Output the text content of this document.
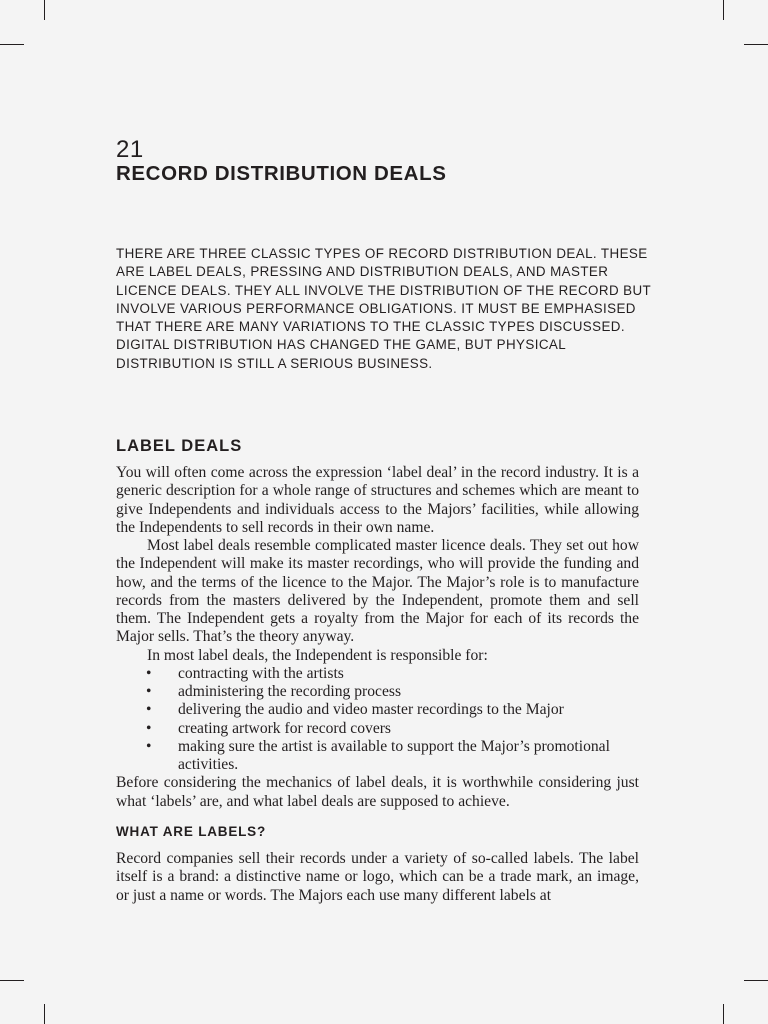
21
RECORD DISTRIBUTION DEALS

THERE ARE THREE CLASSIC TYPES OF RECORD DISTRIBUTION DEAL. THESE ARE LABEL DEALS, PRESSING AND DISTRIBUTION DEALS, AND MASTER LICENCE DEALS. THEY ALL INVOLVE THE DISTRIBUTION OF THE RECORD BUT INVOLVE VARIOUS PERFORMANCE OBLIGATIONS. IT MUST BE EMPHASISED THAT THERE ARE MANY VARIATIONS TO THE CLASSIC TYPES DISCUSSED. DIGITAL DISTRIBUTION HAS CHANGED THE GAME, BUT PHYSICAL DISTRIBUTION IS STILL A SERIOUS BUSINESS.

LABEL DEALS

You will often come across the expression ‘label deal’ in the record industry. It is a generic description for a whole range of structures and schemes which are meant to give Independents and individuals access to the Majors’ facilities, while allowing the Independents to sell records in their own name.

Most label deals resemble complicated master licence deals. They set out how the Independent will make its master recordings, who will provide the funding and how, and the terms of the licence to the Major. The Major’s role is to manufacture records from the masters delivered by the Independent, promote them and sell them. The Independent gets a royalty from the Major for each of its records the Major sells. That’s the theory anyway.

In most label deals, the Independent is responsible for:

• contracting with the artists
• administering the recording process
• delivering the audio and video master recordings to the Major
• creating artwork for record covers
• making sure the artist is available to support the Major’s promotional activities.

Before considering the mechanics of label deals, it is worthwhile considering just what ‘labels’ are, and what label deals are supposed to achieve.

WHAT ARE LABELS?

Record companies sell their records under a variety of so-called labels. The label itself is a brand: a distinctive name or logo, which can be a trade mark, an image, or just a name or words. The Majors each use many different labels at
